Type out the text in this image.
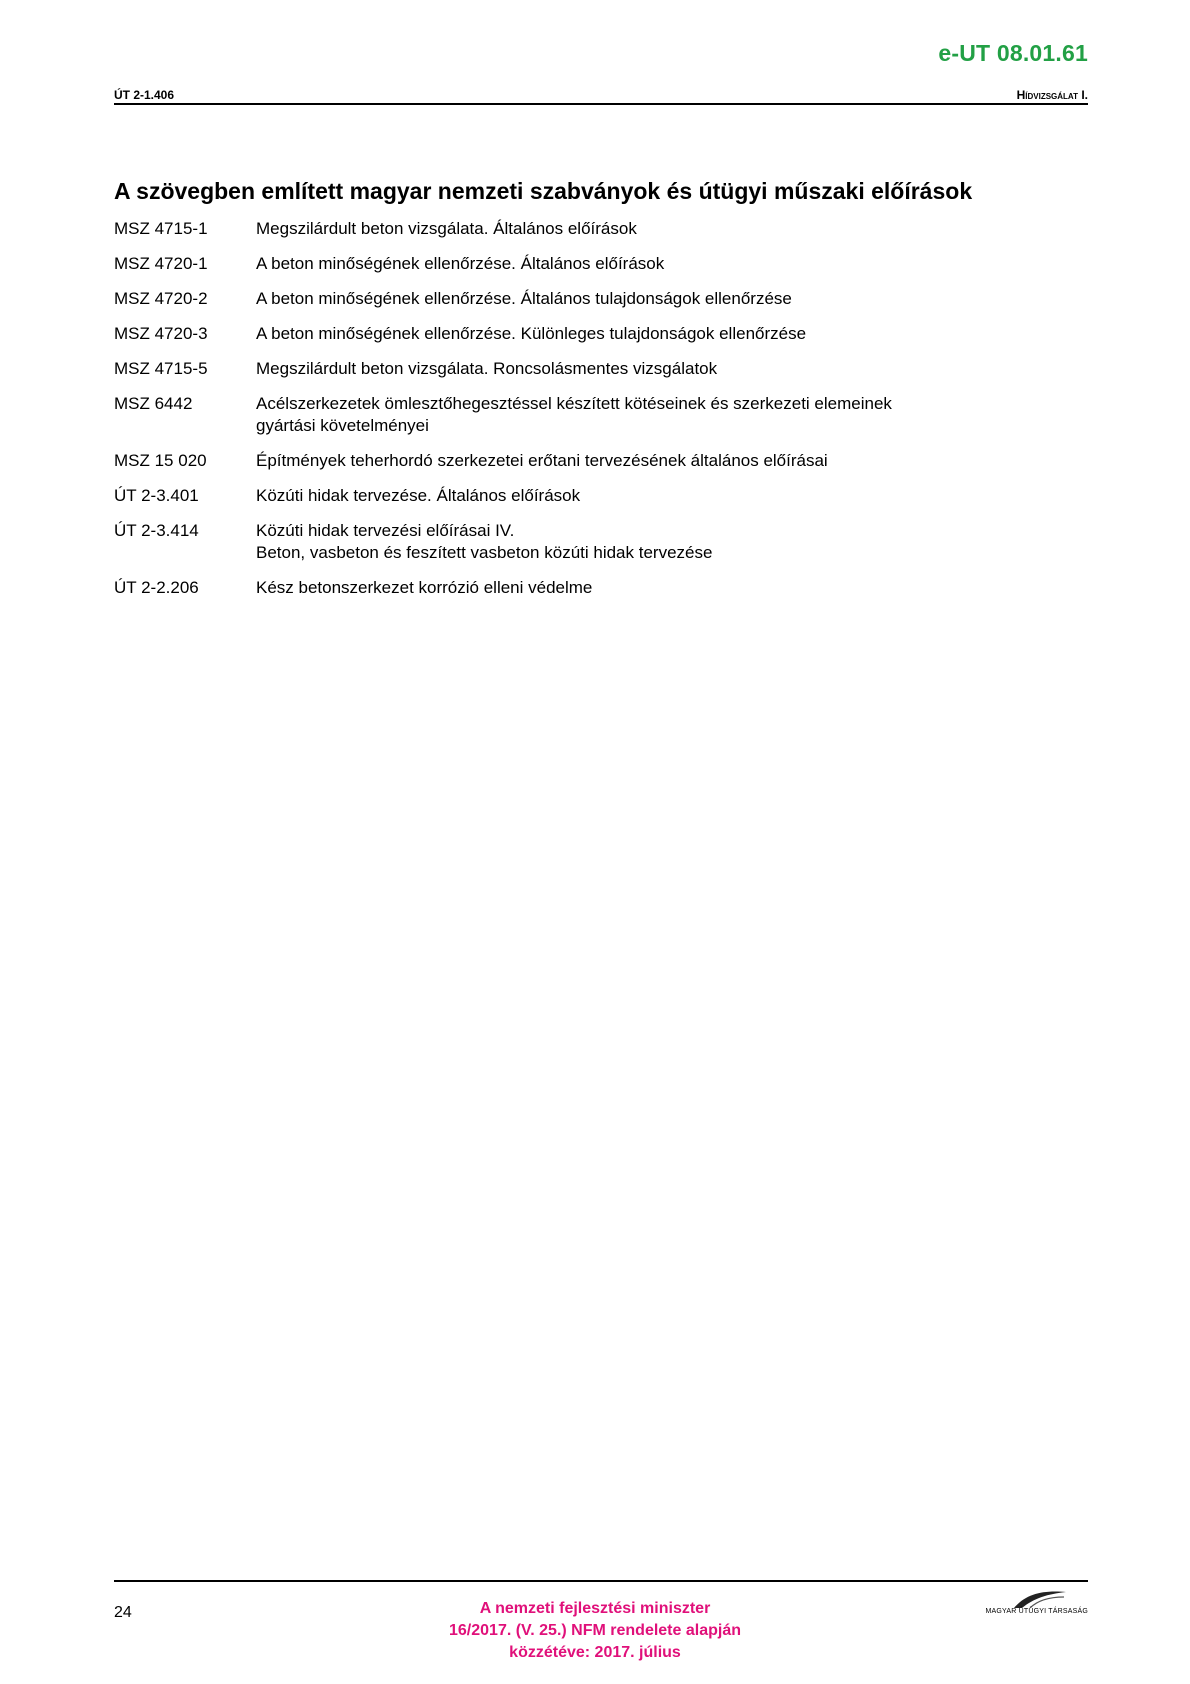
e-UT 08.01.61
ÚT 2-1.406	Hídvizsgálat I.
A szövegben említett magyar nemzeti szabványok és útügyi műszaki előírások
MSZ 4715-1	Megszilárdult beton vizsgálata. Általános előírások
MSZ 4720-1	A beton minőségének ellenőrzése. Általános előírások
MSZ 4720-2	A beton minőségének ellenőrzése. Általános tulajdonságok ellenőrzése
MSZ 4720-3	A beton minőségének ellenőrzése. Különleges tulajdonságok ellenőrzése
MSZ 4715-5	Megszilárdult beton vizsgálata. Roncsolásmentes vizsgálatok
MSZ 6442	Acélszerkezetek ömlesztőhegesztéssel készített kötéseinek és szerkezeti elemeinek
gyártási követelményei
MSZ 15 020	Építmények teherhordó szerkezetei erőtani tervezésének általános előírásai
ÚT 2-3.401	Közúti hidak tervezése. Általános előírások
ÚT 2-3.414	Közúti hidak tervezési előírásai IV.
Beton, vasbeton és feszített vasbeton közúti hidak tervezése
ÚT 2-2.206	Kész betonszerkezet korrózió elleni védelme
24	A nemzeti fejlesztési miniszter
16/2017. (V. 25.) NFM rendelete alapján
közzétéve: 2017. július
MAGYAR ÚTÜGYI TÁRSASÁG
